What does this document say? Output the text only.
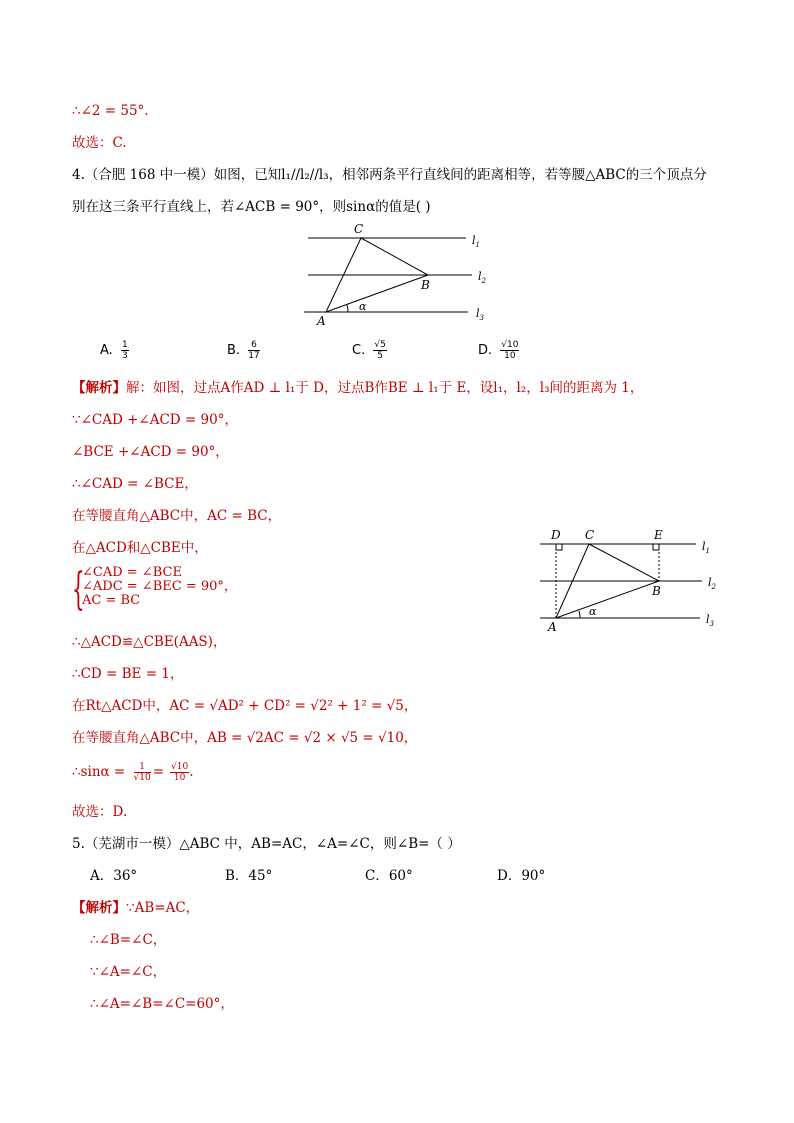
∴∠2 = 55°.
故选：C.
4.（合肥 168 中一模）如图，已知l₁//l₂//l₃，相邻两条平行直线间的距离相等，若等腰△ABC的三个顶点分
别在这三条平行直线上，若∠ACB = 90°，则sinα的值是( )
C
B
A
α
$l_1$
$l_2$
$l_3$
A. $\frac{1}{3}$	B. $\frac{6}{17}$	C. $\frac{√5}{5}$	D. $\frac{√10}{10}$
【解析】解：如图，过点A作AD ⊥ l₁于 D，过点B作BE ⊥ l₁于 E，设l₁，l₂，l₃间的距离为 1，
∵∠CAD +∠ACD = 90°，
∠BCE +∠ACD = 90°，
∴∠CAD = ∠BCE，
在等腰直角△ABC中，AC = BC，
在△ACD和△CBE中，
{
∠CAD = ∠BCE
∠ADC = ∠BEC = 90°，
AC = BC
∴△ACD≌△CBE(AAS)，
∴CD = BE = 1，
在Rt△ACD中，AC = √AD² + CD² = √2² + 1² = √5，
在等腰直角△ABC中，AB = √2AC = √2 × √5 = √10，
∴sinα = $\frac{1}{√10} = \frac{√10}{10}$ .
故选：D.
D C	E
B
A
α
$l_1$
$l_2$
$l_3$
5.（芜湖市一模）△ABC 中，AB=AC，∠A=∠C，则∠B=（ ）
A．36°	B．45°	C．60°	D．90°
【解析】∵AB=AC，
∴∠B=∠C，
∵∠A=∠C，
∴∠A=∠B=∠C=60°，
